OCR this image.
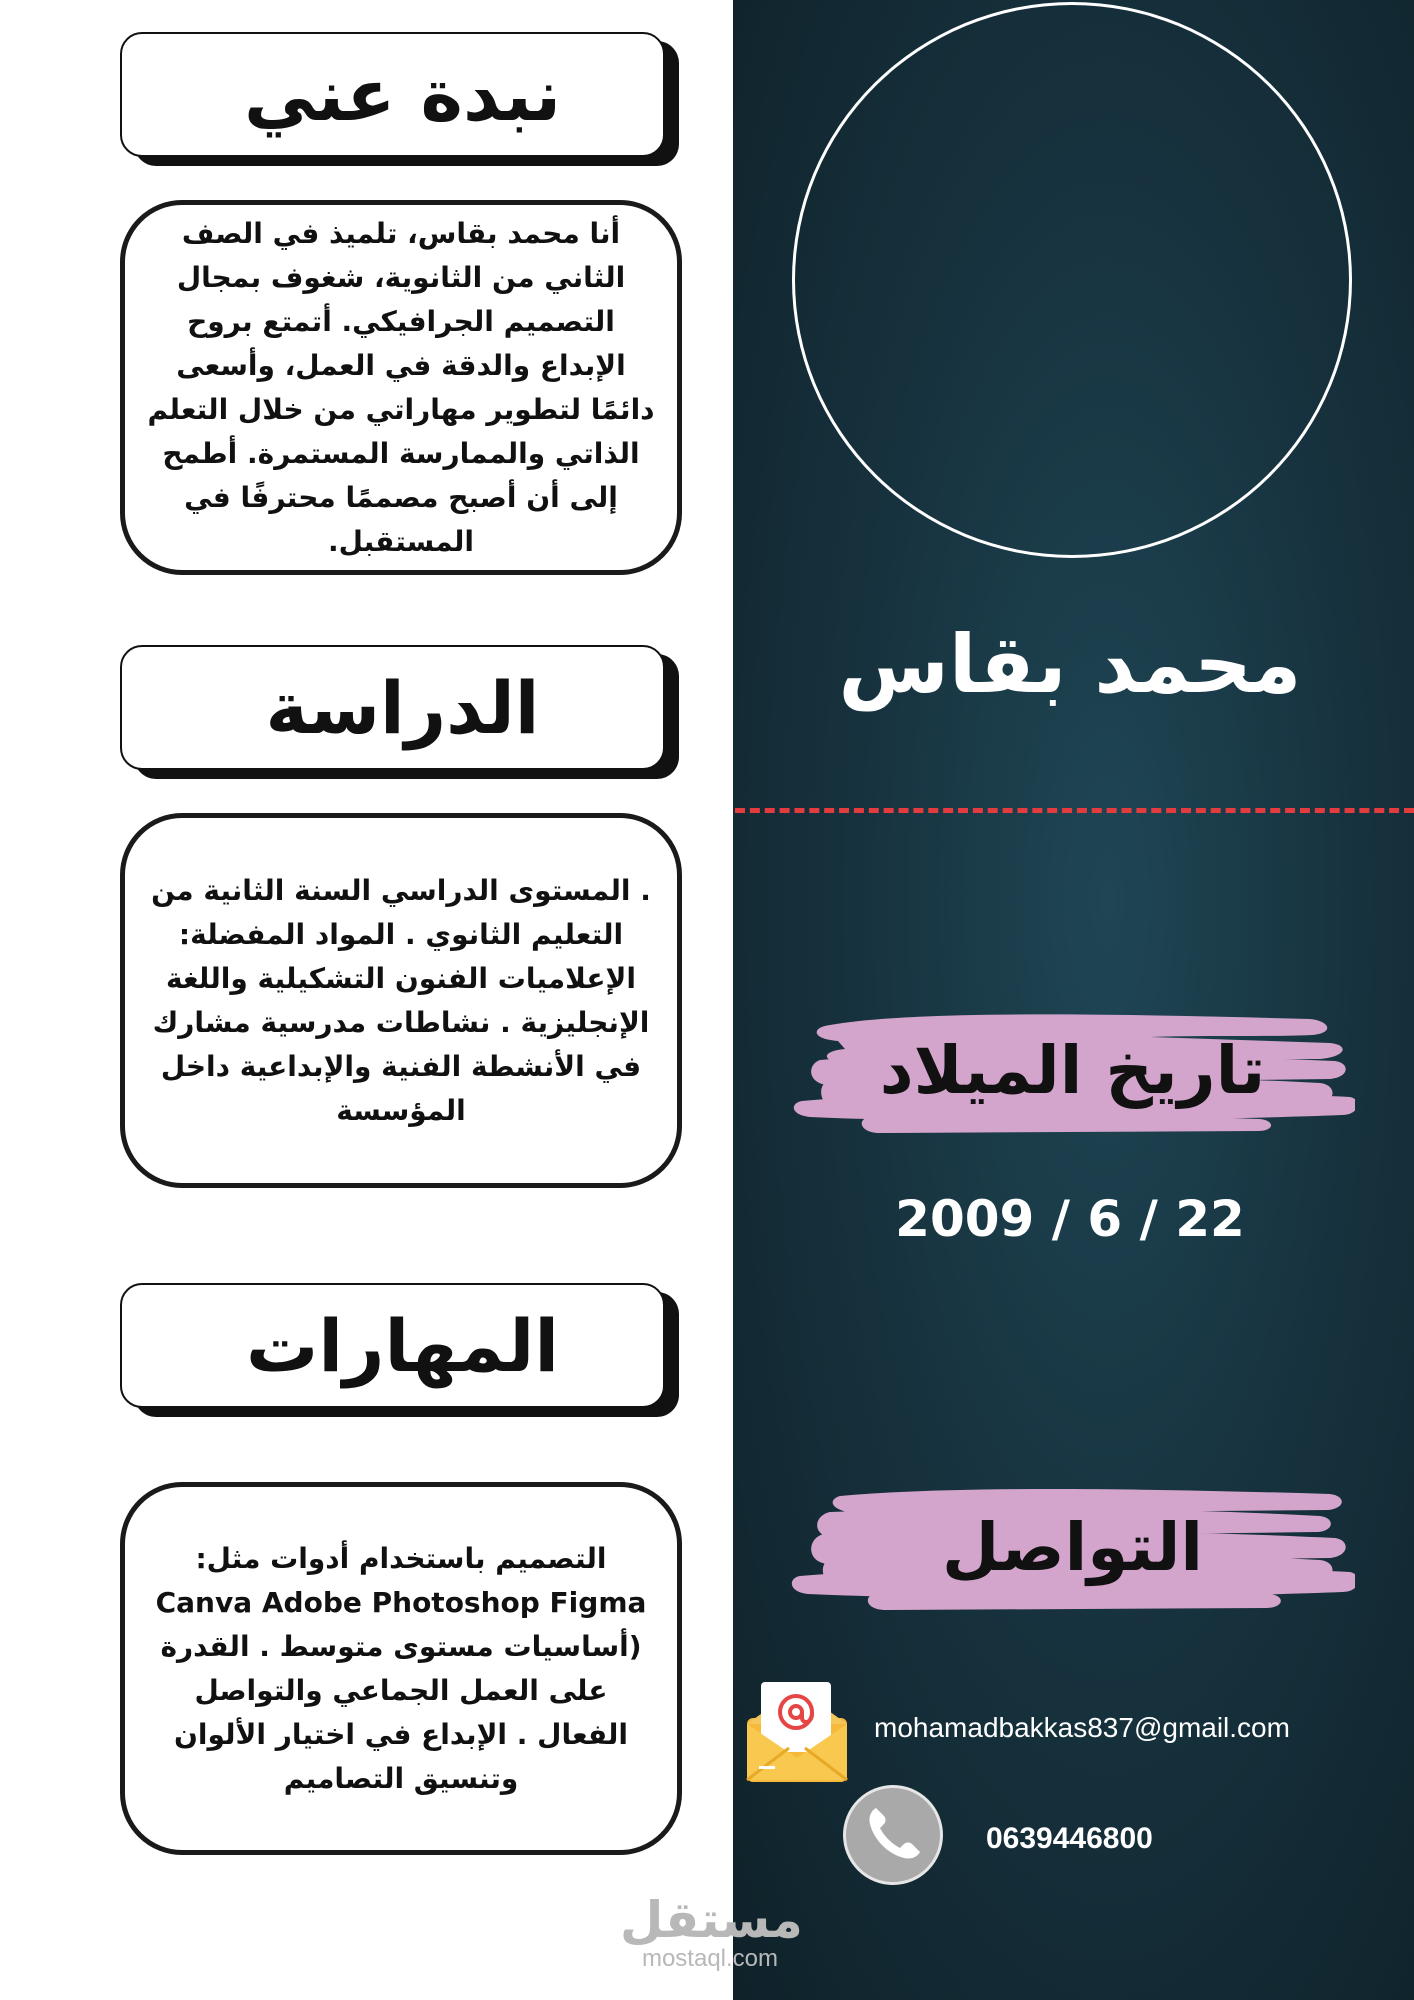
محمد بقاس
تاريخ الميلاد
2009 / 6 / 22
التواصل
mohamadbakkas837@gmail.com
0639446800
نبدة عني

أنا محمد بقاس، تلميذ في الصف الثاني من الثانوية، شغوف بمجال التصميم الجرافيكي. أتمتع بروح الإبداع والدقة في العمل، وأسعى دائمًا لتطوير مهاراتي من خلال التعلم الذاتي والممارسة المستمرة. أطمح إلى أن أصبح مصممًا محترفًا في المستقبل.

الدراسة

. المستوى الدراسي السنة الثانية من التعليم الثانوي . المواد المفضلة: الإعلاميات الفنون التشكيلية واللغة الإنجليزية . نشاطات مدرسية مشارك في الأنشطة الفنية والإبداعية داخل المؤسسة

المهارات

التصميم باستخدام أدوات مثل: Canva Adobe Photoshop Figma (أساسيات مستوى متوسط . القدرة على العمل الجماعي والتواصل الفعال . الإبداع في اختيار الألوان وتنسيق التصاميم

مستقل
mostaql.com
